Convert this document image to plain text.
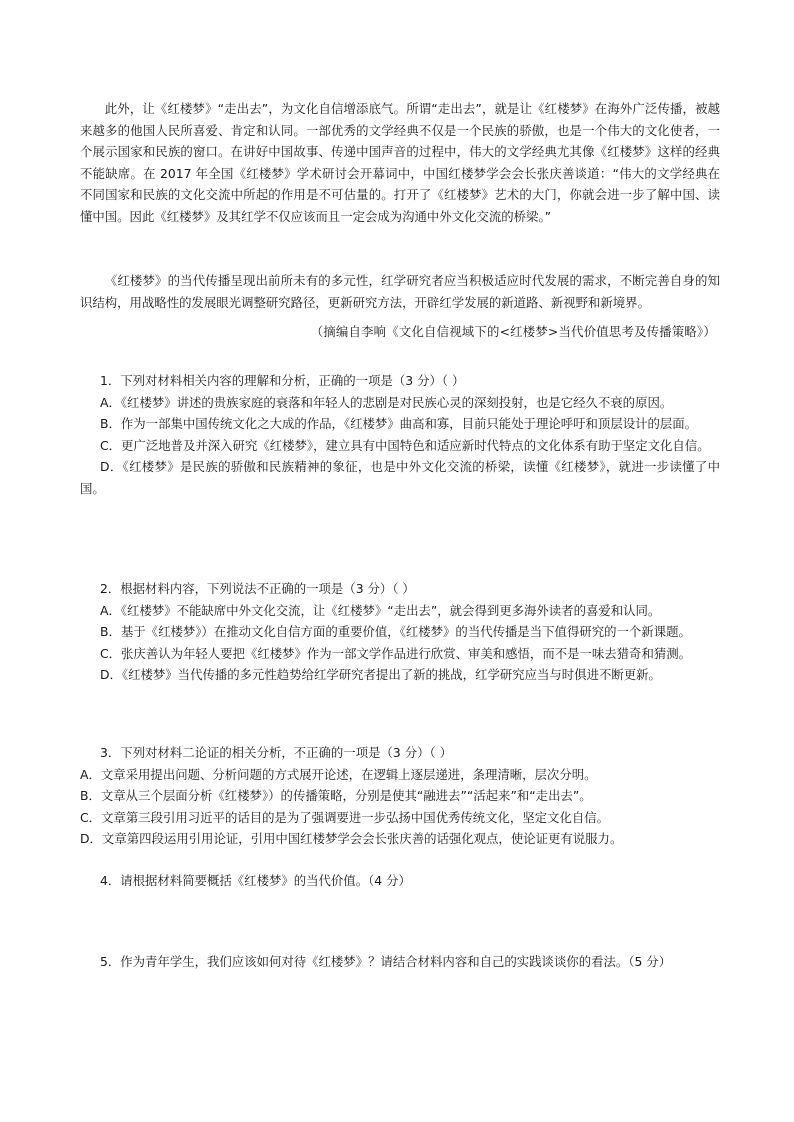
此外，让《红楼梦》“走出去”，为文化自信增添底气。所谓“走出去”，就是让《红楼梦》在海外广泛传播，被越来越多的他国人民所喜爱、肯定和认同。一部优秀的文学经典不仅是一个民族的骄傲，也是一个伟大的文化使者，一个展示国家和民族的窗口。在讲好中国故事、传递中国声音的过程中，伟大的文学经典尤其像《红楼梦》这样的经典不能缺席。在 2017 年全国《红楼梦》学术研讨会开幕词中，中国红楼梦学会会长张庆善谈道：“伟大的文学经典在不同国家和民族的文化交流中所起的作用是不可估量的。打开了《红楼梦》艺术的大门，你就会进一步了解中国、读懂中国。因此《红楼梦》及其红学不仅应该而且一定会成为沟通中外文化交流的桥梁。”

《红楼梦》的当代传播呈现出前所未有的多元性，红学研究者应当积极适应时代发展的需求，不断完善自身的知识结构，用战略性的发展眼光调整研究路径，更新研究方法，开辟红学发展的新道路、新视野和新境界。

（摘编自李响《文化自信视域下的<红楼梦>当代价值思考及传播策略》）

1．下列对材料相关内容的理解和分析，正确的一项是（3 分）（ ）

A．《红楼梦》讲述的贵族家庭的衰落和年轻人的悲剧是对民族心灵的深刻投射，也是它经久不衰的原因。

B．作为一部集中国传统文化之大成的作品，《红楼梦》曲高和寡，目前只能处于理论呼吁和顶层设计的层面。

C．更广泛地普及并深入研究《红楼梦》，建立具有中国特色和适应新时代特点的文化体系有助于坚定文化自信。

D．《红楼梦》是民族的骄傲和民族精神的象征，也是中外文化交流的桥梁，读懂《红楼梦》，就进一步读懂了中国。

2．根据材料内容，下列说法不正确的一项是（3 分）（ ）

A．《红楼梦》不能缺席中外文化交流，让《红楼梦》“走出去”，就会得到更多海外读者的喜爱和认同。

B．基于《红楼梦》）在推动文化自信方面的重要价值，《红楼梦》的当代传播是当下值得研究的一个新课题。

C．张庆善认为年轻人要把《红楼梦》作为一部文学作品进行欣赏、审美和感悟，而不是一味去猎奇和猜测。

D．《红楼梦》当代传播的多元性趋势给红学研究者提出了新的挑战，红学研究应当与时俱进不断更新。

3．下列对材料二论证的相关分析，不正确的一项是（3 分）（ ）

A．文章采用提出问题、分析问题的方式展开论述，在逻辑上逐层递进，条理清晰，层次分明。

B．文章从三个层面分析《红楼梦》）的传播策略，分别是使其“融进去”“活起来”和“走出去”。

C．文章第三段引用习近平的话目的是为了强调要进一步弘扬中国优秀传统文化，坚定文化自信。

D．文章第四段运用引用论证，引用中国红楼梦学会会长张庆善的话强化观点，使论证更有说服力。

4．请根据材料简要概括《红楼梦》的当代价值。（4 分）

5．作为青年学生，我们应该如何对待《红楼梦》？请结合材料内容和自己的实践谈谈你的看法。（5 分）
